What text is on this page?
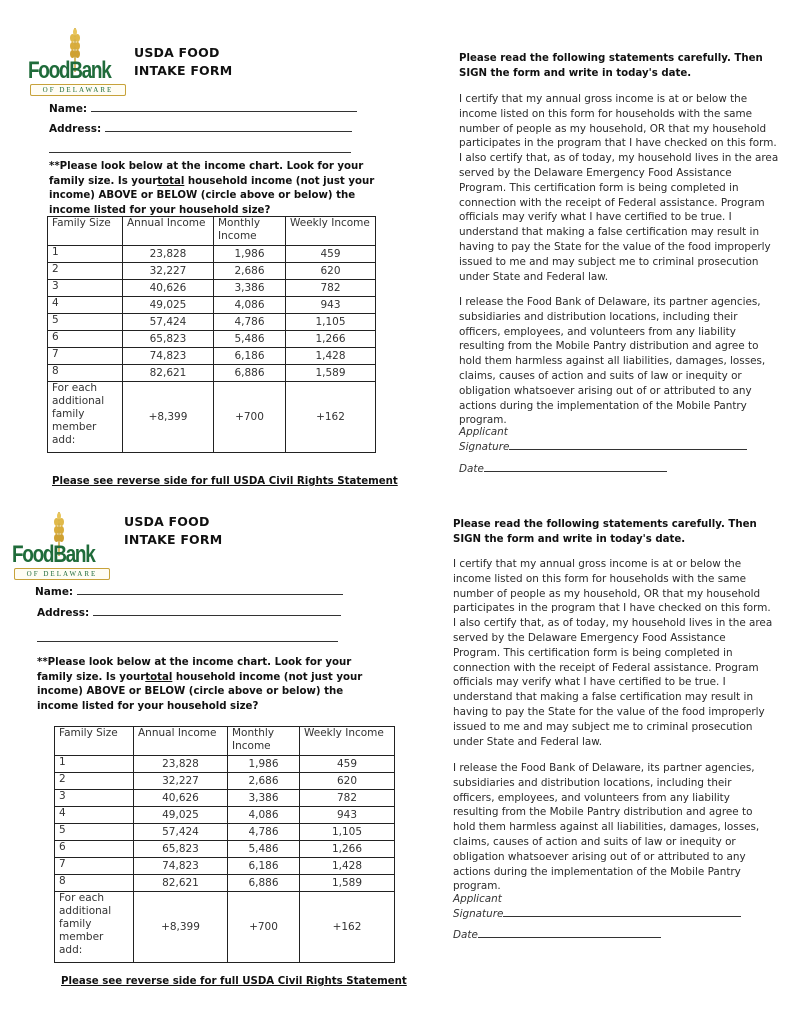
FoodBank
OF DELAWARE
USDA FOOD
INTAKE FORM
Name:
Address:
**Please look below at the income chart. Look for your family size. Is yourtotal household income (not just your income) ABOVE or BELOW (circle above or below) the income listed for your household size?
Family Size	Annual Income	Monthly Income	Weekly Income
1	23,828	1,986	459
2	32,227	2,686	620
3	40,626	3,386	782
4	49,025	4,086	943
5	57,424	4,786	1,105
6	65,823	5,486	1,266
7	74,823	6,186	1,428
8	82,621	6,886	1,589
For each additional family member add:	+8,399	+700	+162
Please see reverse side for full USDA Civil Rights Statement
Please read the following statements carefully. Then SIGN the form and write in today's date.
I certify that my annual gross income is at or below the income listed on this form for households with the same number of people as my household, OR that my household participates in the program that I have checked on this form. I also certify that, as of today, my household lives in the area served by the Delaware Emergency Food Assistance Program. This certification form is being completed in connection with the receipt of Federal assistance. Program officials may verify what I have certified to be true. I understand that making a false certification may result in having to pay the State for the value of the food improperly issued to me and may subject me to criminal prosecution under State and Federal law.
I release the Food Bank of Delaware, its partner agencies, subsidiaries and distribution locations, including their officers, employees, and volunteers from any liability resulting from the Mobile Pantry distribution and agree to hold them harmless against all liabilities, damages, losses, claims, causes of action and suits of law or inequity or obligation whatsoever arising out of or attributed to any actions during the implementation of the Mobile Pantry program.
Applicant
Signature
Date
FoodBank
OF DELAWARE
USDA FOOD
INTAKE FORM
Name:
Address:
**Please look below at the income chart. Look for your family size. Is yourtotal household income (not just your income) ABOVE or BELOW (circle above or below) the income listed for your household size?
Family Size	Annual Income	Monthly Income	Weekly Income
1	23,828	1,986	459
2	32,227	2,686	620
3	40,626	3,386	782
4	49,025	4,086	943
5	57,424	4,786	1,105
6	65,823	5,486	1,266
7	74,823	6,186	1,428
8	82,621	6,886	1,589
For each additional family member add:	+8,399	+700	+162
Please see reverse side for full USDA Civil Rights Statement
Please read the following statements carefully. Then SIGN the form and write in today's date.
I certify that my annual gross income is at or below the income listed on this form for households with the same number of people as my household, OR that my household participates in the program that I have checked on this form. I also certify that, as of today, my household lives in the area served by the Delaware Emergency Food Assistance Program. This certification form is being completed in connection with the receipt of Federal assistance. Program officials may verify what I have certified to be true. I understand that making a false certification may result in having to pay the State for the value of the food improperly issued to me and may subject me to criminal prosecution under State and Federal law.
I release the Food Bank of Delaware, its partner agencies, subsidiaries and distribution locations, including their officers, employees, and volunteers from any liability resulting from the Mobile Pantry distribution and agree to hold them harmless against all liabilities, damages, losses, claims, causes of action and suits of law or inequity or obligation whatsoever arising out of or attributed to any actions during the implementation of the Mobile Pantry program.
Applicant
Signature
Date
